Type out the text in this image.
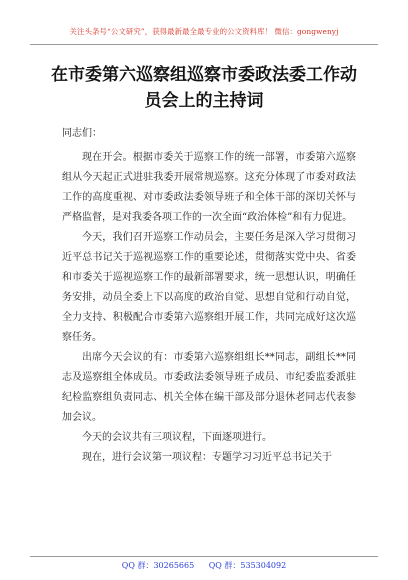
关注头条号“公文研究”，获得最新最全最专业的公文资料库！ 微信：gongwenyj
在市委第六巡察组巡察市委政法委工作动
员会上的主持词

同志们：

现在开会。根据市委关于巡察工作的统一部署，市委第六巡察组从今天起正式进驻我委开展常规巡察。这充分体现了市委对政法工作的高度重视、对市委政法委领导班子和全体干部的深切关怀与严格监督，是对我委各项工作的一次全面“政治体检”和有力促进。

今天，我们召开巡察工作动员会，主要任务是深入学习贯彻习近平总书记关于巡视巡察工作的重要论述，贯彻落实党中央、省委和市委关于巡视巡察工作的最新部署要求，统一思想认识，明确任务安排，动员全委上下以高度的政治自觉、思想自觉和行动自觉，全力支持、积极配合市委第六巡察组开展工作，共同完成好这次巡察任务。

出席今天会议的有：市委第六巡察组组长**同志，副组长**同志及巡察组全体成员。市委政法委领导班子成员、市纪委监委派驻纪检监察组负责同志、机关全体在编干部及部分退休老同志代表参加会议。

今天的会议共有三项议程，下面逐项进行。

现在，进行会议第一项议程：专题学习习近平总书记关于

QQ 群：30265665 QQ 群：535304092
